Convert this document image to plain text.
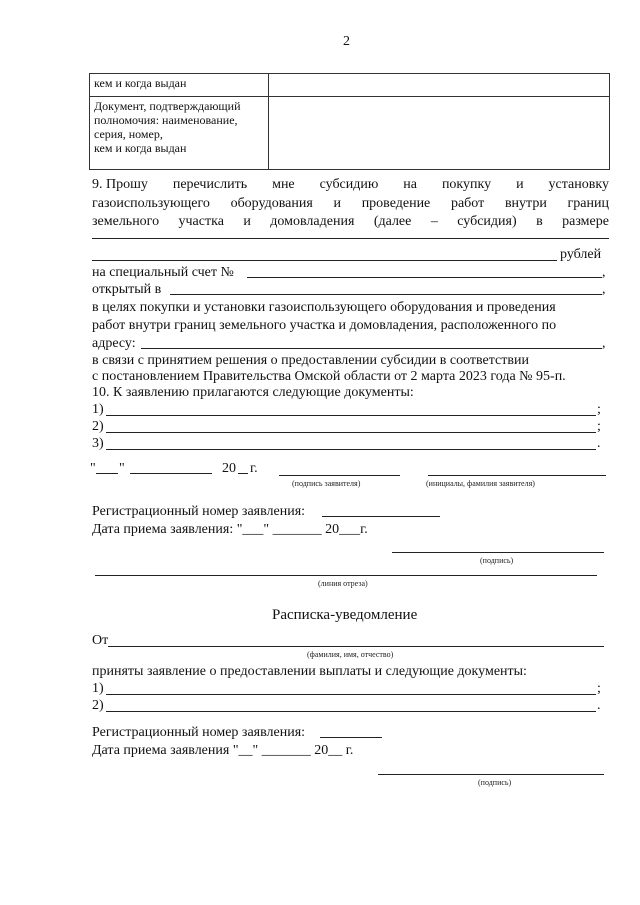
2
кем и когда выдан	

Документ, подтверждающий
полномочия: наименование,
серия, номер,
кем и когда выдан	

9. Прошу перечислить мне субсидию на покупку и установку
газоиспользующего оборудования и проведение работ внутри границ
земельного участка и домовладения (далее – субсидия) в размере
рублей
на специальный счет №	,
открытый в	,
в целях покупки и установки газоиспользующего оборудования и проведения
работ внутри границ земельного участка и домовладения, расположенного по
адресу:	,
в связи с принятием решения о предоставлении субсидии в соответствии
с постановлением Правительства Омской области от 2 марта 2023 года № 95-п.
10. К заявлению прилагаются следующие документы:
1)	;
2)	;
3)	.
" "	20 г.
(подпись заявителя)	(инициалы, фамилия заявителя)
Регистрационный номер заявления:
Дата приема заявления: "___" _______ 20___г.
(подпись)
(линия отреза)
Расписка-уведомление
От
(фамилия, имя, отчество)
приняты заявление о предоставлении выплаты и следующие документы:
1)	;
2)	.
Регистрационный номер заявления:
Дата приема заявления "__" _______ 20__ г.
(подпись)
